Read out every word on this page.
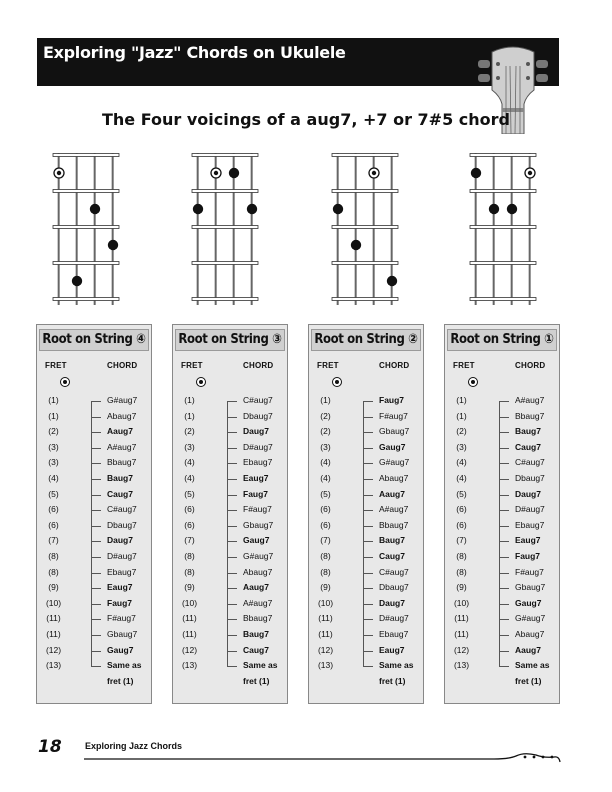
Exploring "Jazz" Chords on Ukulele
The Four voicings of a aug7, +7 or 7#5 chord
Root on String ④
FRET	CHORD
(1)	G#aug7
(1)	Abaug7
(2)	Aaug7
(3)	A#aug7
(3)	Bbaug7
(4)	Baug7
(5)	Caug7
(6)	C#aug7
(6)	Dbaug7
(7)	Daug7
(8)	D#aug7
(8)	Ebaug7
(9)	Eaug7
(10)	Faug7
(11)	F#aug7
(11)	Gbaug7
(12)	Gaug7
(13)	Same as
fret (1)
Root on String ③
FRET	CHORD
(1)	C#aug7
(1)	Dbaug7
(2)	Daug7
(3)	D#aug7
(4)	Ebaug7
(4)	Eaug7
(5)	Faug7
(6)	F#aug7
(6)	Gbaug7
(7)	Gaug7
(8)	G#aug7
(8)	Abaug7
(9)	Aaug7
(10)	A#aug7
(11)	Bbaug7
(11)	Baug7
(12)	Caug7
(13)	Same as
fret (1)
Root on String ②
FRET	CHORD
(1)	Faug7
(2)	F#aug7
(2)	Gbaug7
(3)	Gaug7
(4)	G#aug7
(4)	Abaug7
(5)	Aaug7
(6)	A#aug7
(6)	Bbaug7
(7)	Baug7
(8)	Caug7
(8)	C#aug7
(9)	Dbaug7
(10)	Daug7
(11)	D#aug7
(11)	Ebaug7
(12)	Eaug7
(13)	Same as
fret (1)
Root on String ①
FRET	CHORD
(1)	A#aug7
(1)	Bbaug7
(2)	Baug7
(3)	Caug7
(4)	C#aug7
(4)	Dbaug7
(5)	Daug7
(6)	D#aug7
(6)	Ebaug7
(7)	Eaug7
(8)	Faug7
(8)	F#aug7
(9)	Gbaug7
(10)	Gaug7
(11)	G#aug7
(11)	Abaug7
(12)	Aaug7
(13)	Same as
fret (1)
18	Exploring Jazz Chords
